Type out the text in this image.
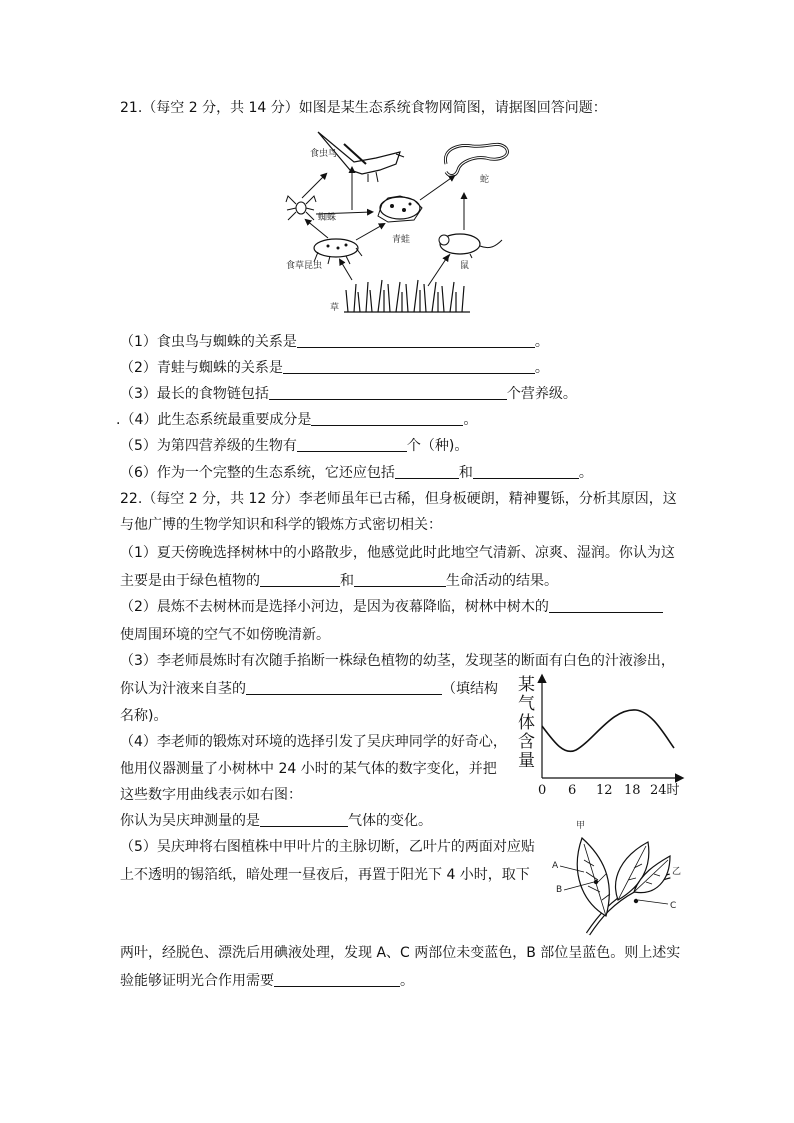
21.（每空 2 分，共 14 分）如图是某生态系统食物网简图，请据图回答问题：
食虫鸟
蛇
蜘蛛
青蛙
食草昆虫	鼠
草
（1）食虫鸟与蜘蛛的关系是	。
（2）青蛙与蜘蛛的关系是	。
（3）最长的食物链包括	个营养级。
.（4）此生态系统最重要成分是	。
（5）为第四营养级的生物有	个（种)。
（6）作为一个完整的生态系统，它还应包括	和	。
22.（每空 2 分，共 12 分）李老师虽年已古稀，但身板硬朗，精神矍铄，分析其原因，这
与他广博的生物学知识和科学的锻炼方式密切相关：
（1）夏天傍晚选择树林中的小路散步，他感觉此时此地空气清新、凉爽、湿润。你认为这
主要是由于绿色植物的	和	生命活动的结果。
（2）晨炼不去树林而是选择小河边，是因为夜幕降临，树林中树木的
使周围环境的空气不如傍晚清新。
（3）李老师晨炼时有次随手掐断一株绿色植物的幼茎，发现茎的断面有白色的汁液渗出，
你认为汁液来自茎的	（填结构
名称)。
（4）李老师的锻炼对环境的选择引发了吴庆珅同学的好奇心，
他用仪器测量了小树林中 24 小时的某气体的数字变化，并把
这些数字用曲线表示如右图：
你认为吴庆珅测量的是	气体的变化。
（5）吴庆珅将右图植株中甲叶片的主脉切断，乙叶片的两面对应贴
上不透明的锡箔纸，暗处理一昼夜后，再置于阳光下 4 小时，取下
两叶，经脱色、漂洗后用碘液处理，发现 A、C 两部位未变蓝色，B 部位呈蓝色。则上述实
验能够证明光合作用需要	。
某
气
体
含
量
0 6 12 18 24时
甲
乙
A
B
C
